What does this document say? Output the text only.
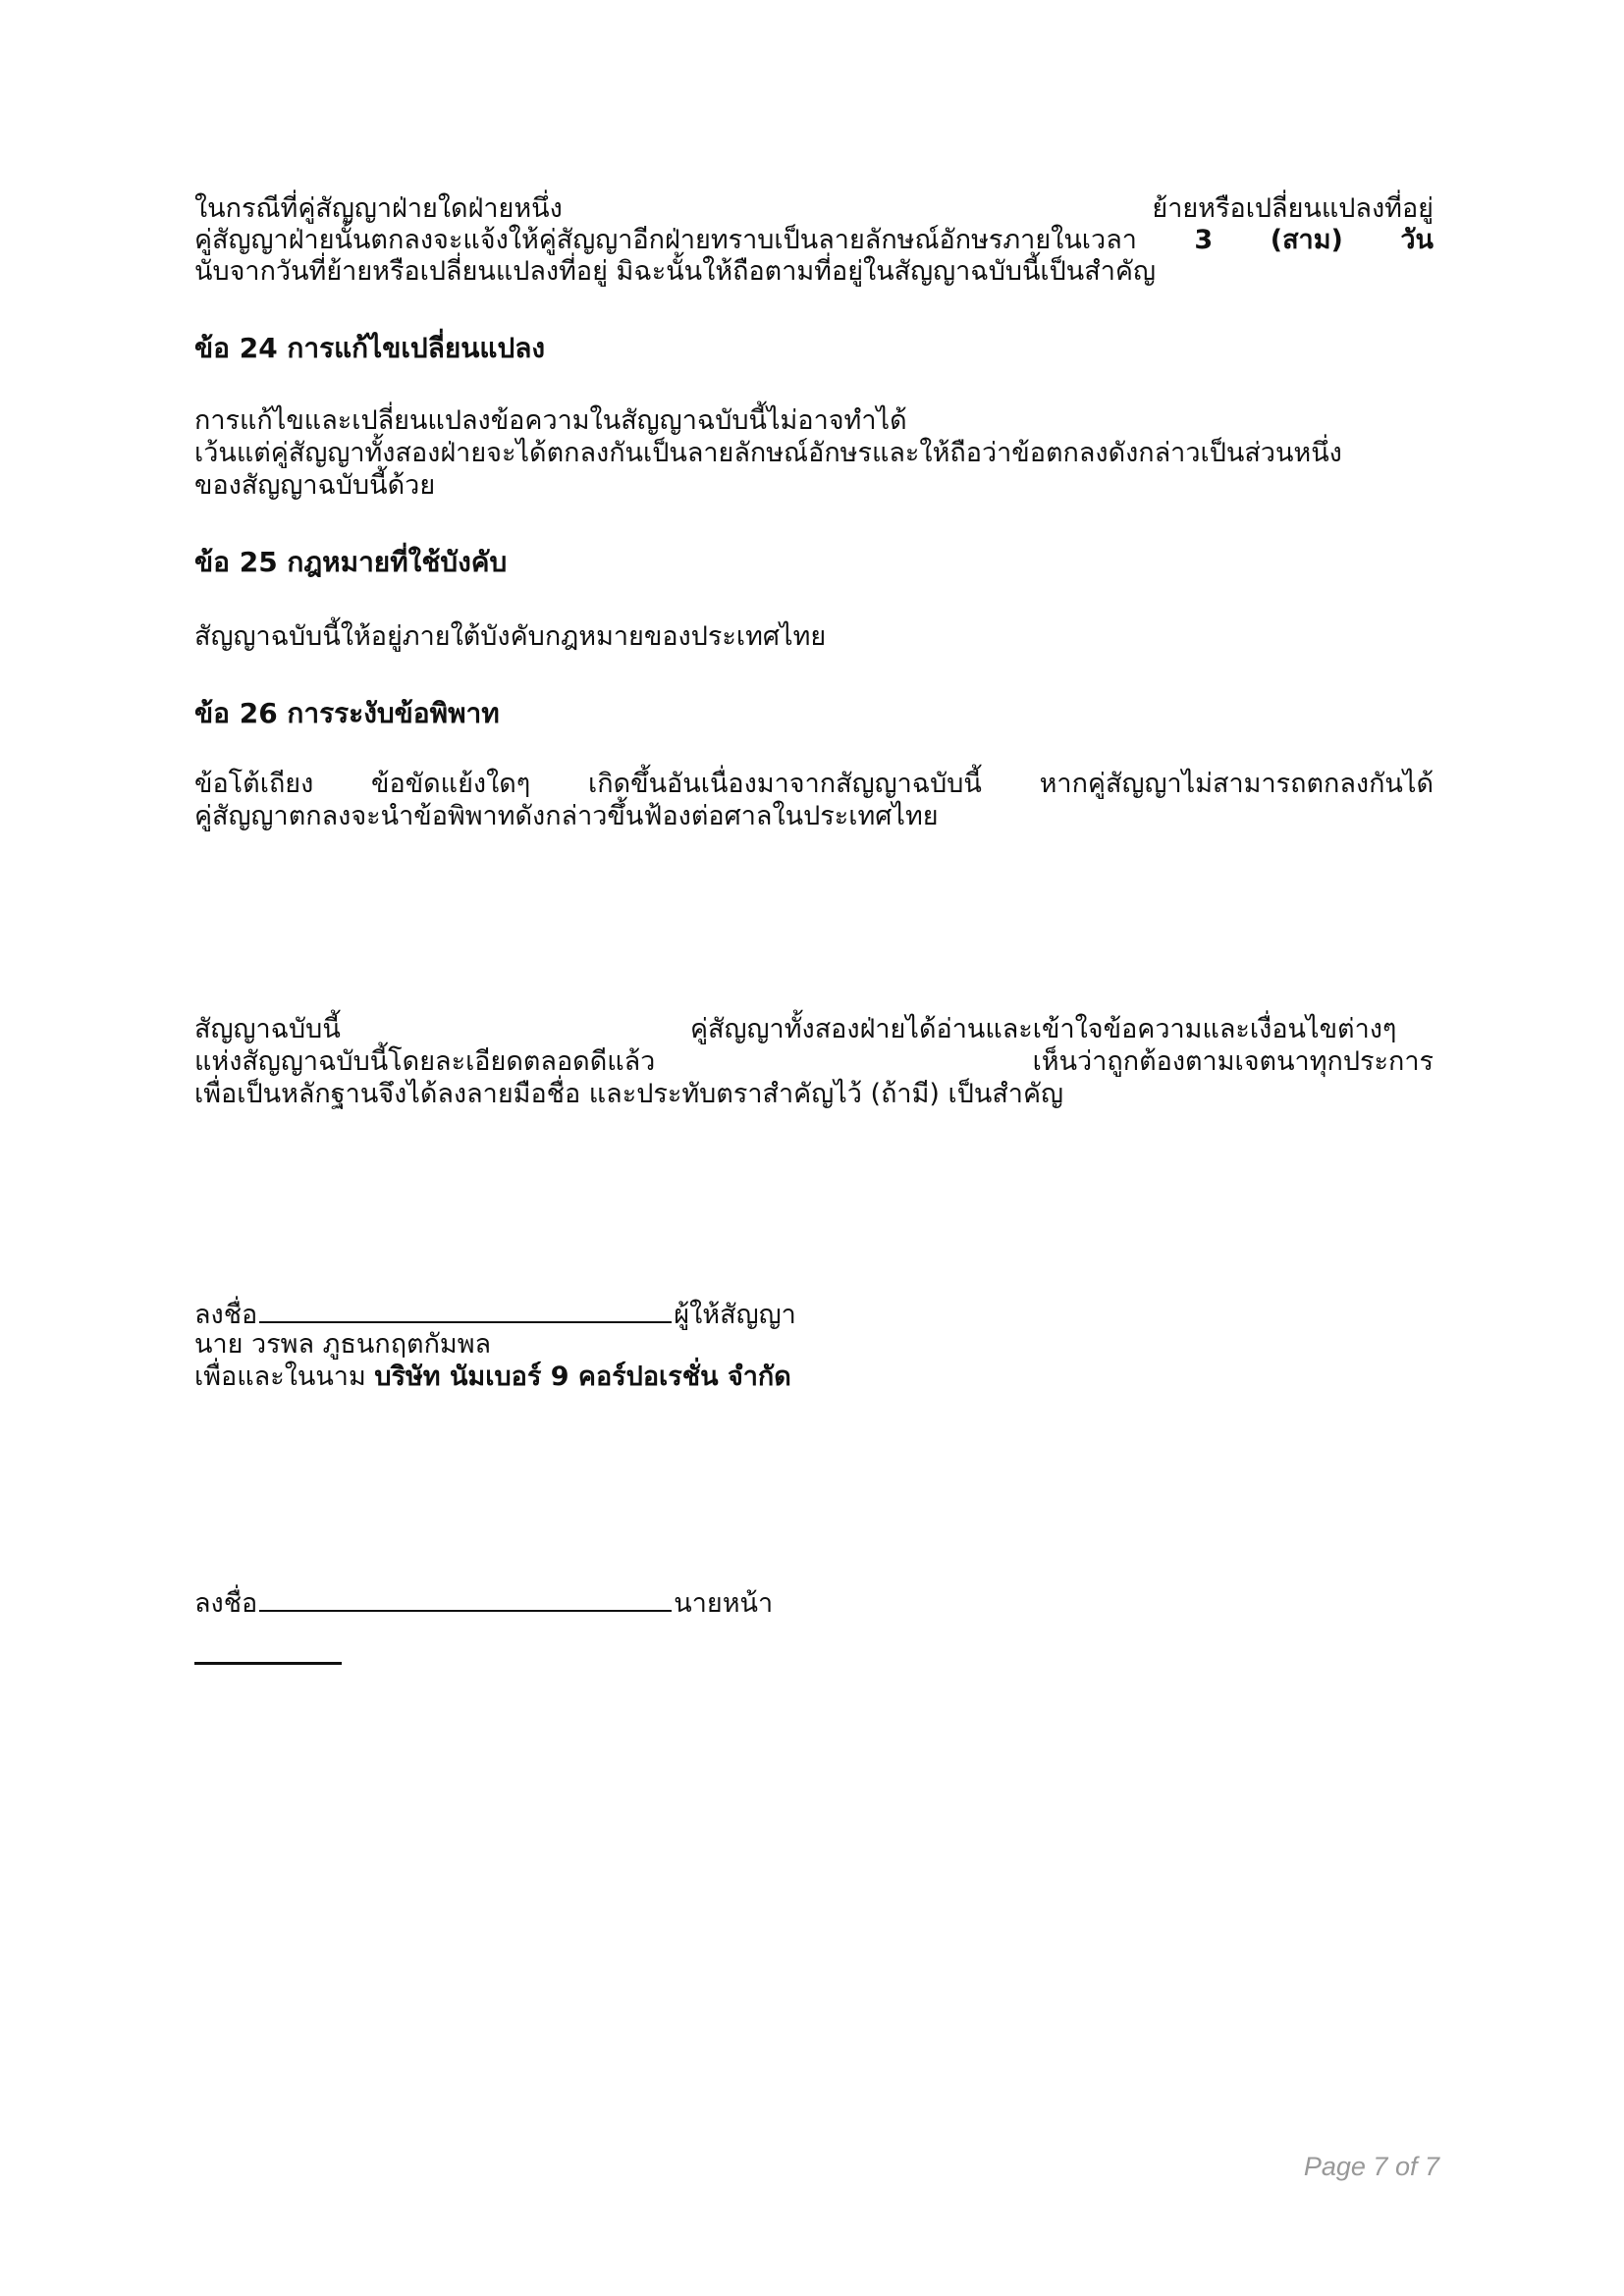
ในกรณีที่คู่สัญญาฝ่ายใดฝ่ายหนึ่ง	ย้ายหรือเปลี่ยนแปลงที่อยู่
คู่สัญญาฝ่ายนั้นตกลงจะแจ้งให้คู่สัญญาอีกฝ่ายทราบเป็นลายลักษณ์อักษรภายในเวลา 3 (สาม) วัน
นับจากวันที่ย้ายหรือเปลี่ยนแปลงที่อยู่ มิฉะนั้นให้ถือตามที่อยู่ในสัญญาฉบับนี้เป็นสำคัญ
ข้อ 24 การแก้ไขเปลี่ยนแปลง
การแก้ไขและเปลี่ยนแปลงข้อความในสัญญาฉบับนี้ไม่อาจทำได้
เว้นแต่คู่สัญญาทั้งสองฝ่ายจะได้ตกลงกันเป็นลายลักษณ์อักษรและให้ถือว่าข้อตกลงดังกล่าวเป็นส่วนหนึ่ง
ของสัญญาฉบับนี้ด้วย
ข้อ 25 กฎหมายที่ใช้บังคับ
สัญญาฉบับนี้ให้อยู่ภายใต้บังคับกฎหมายของประเทศไทย
ข้อ 26 การระงับข้อพิพาท
ข้อโต้เถียง ข้อขัดแย้งใดๆ เกิดขึ้นอันเนื่องมาจากสัญญาฉบับนี้ หากคู่สัญญาไม่สามารถตกลงกันได้
คู่สัญญาตกลงจะนำข้อพิพาทดังกล่าวขึ้นฟ้องต่อศาลในประเทศไทย
สัญญาฉบับนี้	คู่สัญญาทั้งสองฝ่ายได้อ่านและเข้าใจข้อความและเงื่อนไขต่างๆ
แห่งสัญญาฉบับนี้โดยละเอียดตลอดดีแล้ว	เห็นว่าถูกต้องตามเจตนาทุกประการ
เพื่อเป็นหลักฐานจึงได้ลงลายมือชื่อ และประทับตราสำคัญไว้ (ถ้ามี) เป็นสำคัญ
ลงชื่อ	ผู้ให้สัญญา
นาย วรพล ภูธนกฤตกัมพล
เพื่อและในนาม บริษัท นัมเบอร์ 9 คอร์ปอเรชั่น จำกัด
ลงชื่อ	นายหน้า
Page 7 of 7
